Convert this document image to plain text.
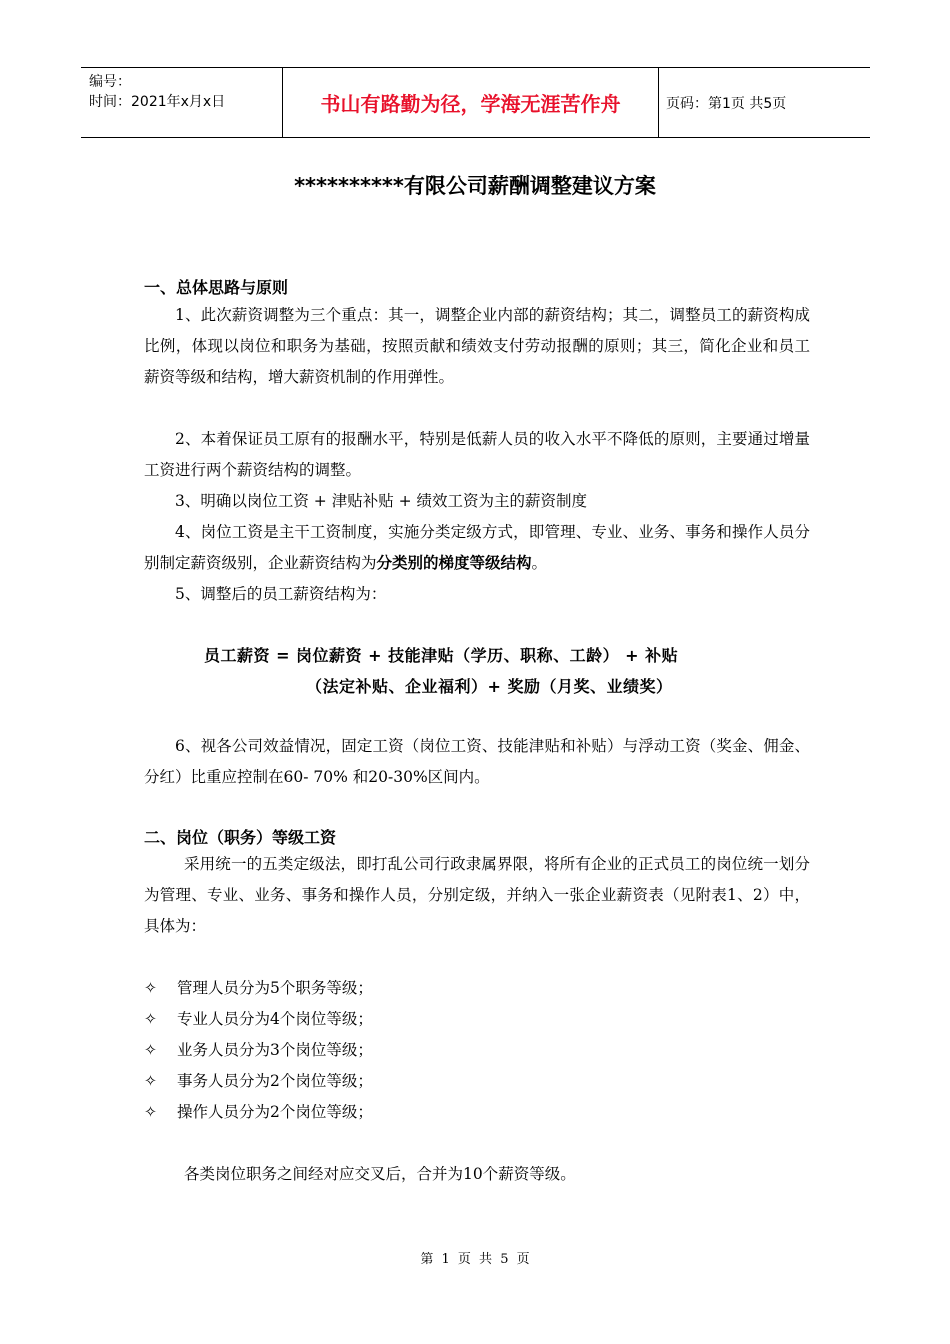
编号：
时间：2021年x月x日	书山有路勤为径，学海无涯苦作舟	页码：第1页 共5页
**********有限公司薪酬调整建议方案
一、总体思路与原则
1、此次薪资调整为三个重点：其一，调整企业内部的薪资结构；其二，调整员工的薪资构成比例，体现以岗位和职务为基础，按照贡献和绩效支付劳动报酬的原则；其三，简化企业和员工薪资等级和结构，增大薪资机制的作用弹性。
2、本着保证员工原有的报酬水平，特别是低薪人员的收入水平不降低的原则，主要通过增量工资进行两个薪资结构的调整。
3、明确以岗位工资 + 津贴补贴 + 绩效工资为主的薪资制度
4、岗位工资是主干工资制度，实施分类定级方式，即管理、专业、业务、事务和操作人员分别制定薪资级别，企业薪资结构为分类别的梯度等级结构。
5、调整后的员工薪资结构为：
员工薪资 = 岗位薪资 + 技能津贴（学历、职称、工龄） + 补贴
（法定补贴、企业福利）+ 奖励（月奖、业绩奖）
6、视各公司效益情况，固定工资（岗位工资、技能津贴和补贴）与浮动工资（奖金、佣金、分红）比重应控制在60- 70% 和20-30%区间内。
二、岗位（职务）等级工资
采用统一的五类定级法，即打乱公司行政隶属界限，将所有企业的正式员工的岗位统一划分为管理、专业、业务、事务和操作人员，分别定级，并纳入一张企业薪资表（见附表1、2）中，具体为：
✧ 管理人员分为5个职务等级；
✧ 专业人员分为4个岗位等级；
✧ 业务人员分为3个岗位等级；
✧ 事务人员分为2个岗位等级；
✧ 操作人员分为2个岗位等级；
各类岗位职务之间经对应交叉后，合并为10个薪资等级。
第 1 页 共 5 页
